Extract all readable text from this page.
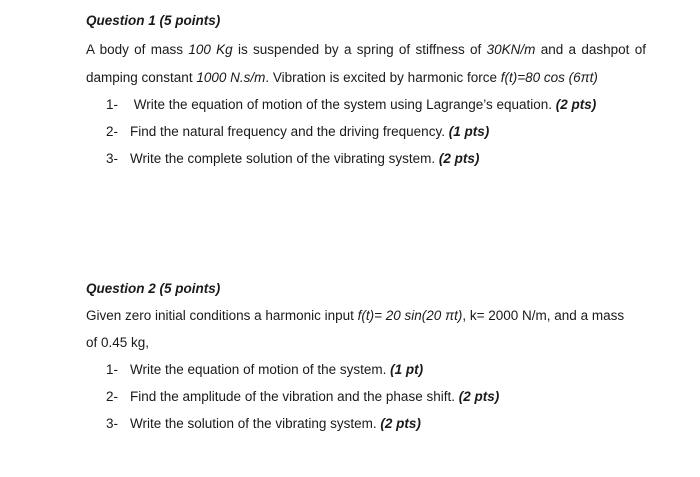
Question 1 (5 points)
A body of mass 100 Kg is suspended by a spring of stiffness of 30KN/m and a dashpot of
damping constant 1000 N.s/m. Vibration is excited by harmonic force f(t)=80 cos (6πt)
1- Write the equation of motion of the system using Lagrange’s equation. (2 pts)
2- Find the natural frequency and the driving frequency. (1 pts)
3- Write the complete solution of the vibrating system. (2 pts)
Question 2 (5 points)
Given zero initial conditions a harmonic input f(t)= 20 sin(20 πt), k= 2000 N/m, and a mass
of 0.45 kg,
1- Write the equation of motion of the system. (1 pt)
2- Find the amplitude of the vibration and the phase shift. (2 pts)
3- Write the solution of the vibrating system. (2 pts)
